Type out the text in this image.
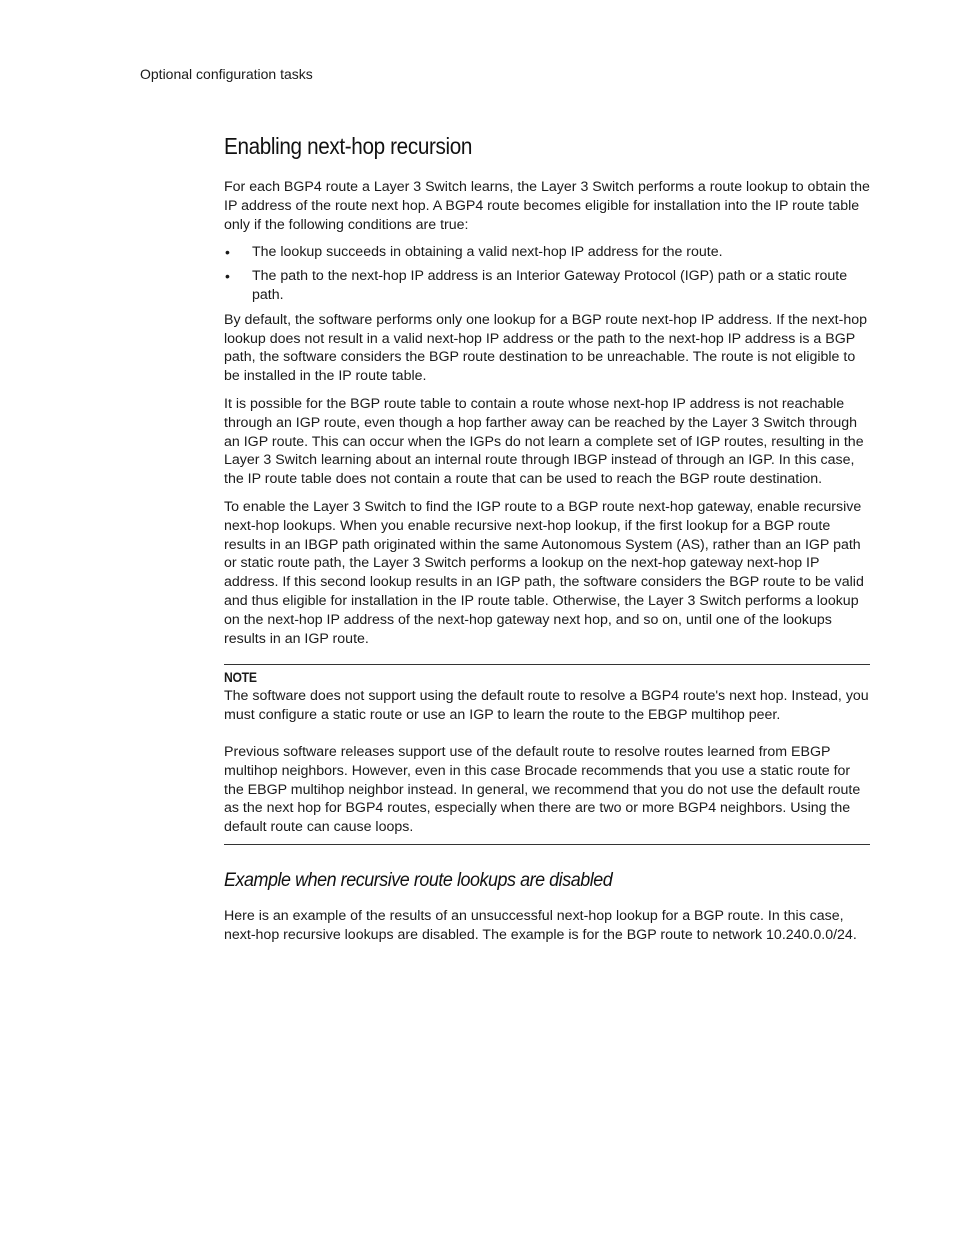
Optional configuration tasks
Enabling next-hop recursion

For each BGP4 route a Layer 3 Switch learns, the Layer 3 Switch performs a route lookup to obtain the IP address of the route next hop. A BGP4 route becomes eligible for installation into the IP route table only if the following conditions are true:

• The lookup succeeds in obtaining a valid next-hop IP address for the route.
• The path to the next-hop IP address is an Interior Gateway Protocol (IGP) path or a static route path.

By default, the software performs only one lookup for a BGP route next-hop IP address. If the next-hop lookup does not result in a valid next-hop IP address or the path to the next-hop IP address is a BGP path, the software considers the BGP route destination to be unreachable. The route is not eligible to be installed in the IP route table.

It is possible for the BGP route table to contain a route whose next-hop IP address is not reachable through an IGP route, even though a hop farther away can be reached by the Layer 3 Switch through an IGP route. This can occur when the IGPs do not learn a complete set of IGP routes, resulting in the Layer 3 Switch learning about an internal route through IBGP instead of through an IGP. In this case, the IP route table does not contain a route that can be used to reach the BGP route destination.

To enable the Layer 3 Switch to find the IGP route to a BGP route next-hop gateway, enable recursive next-hop lookups. When you enable recursive next-hop lookup, if the first lookup for a BGP route results in an IBGP path originated within the same Autonomous System (AS), rather than an IGP path or static route path, the Layer 3 Switch performs a lookup on the next-hop gateway next-hop IP address. If this second lookup results in an IGP path, the software considers the BGP route to be valid and thus eligible for installation in the IP route table. Otherwise, the Layer 3 Switch performs a lookup on the next-hop IP address of the next-hop gateway next hop, and so on, until one of the lookups results in an IGP route.

NOTE

The software does not support using the default route to resolve a BGP4 route's next hop. Instead, you must configure a static route or use an IGP to learn the route to the EBGP multihop peer.

Previous software releases support use of the default route to resolve routes learned from EBGP multihop neighbors. However, even in this case Brocade recommends that you use a static route for the EBGP multihop neighbor instead. In general, we recommend that you do not use the default route as the next hop for BGP4 routes, especially when there are two or more BGP4 neighbors. Using the default route can cause loops.

Example when recursive route lookups are disabled

Here is an example of the results of an unsuccessful next-hop lookup for a BGP route. In this case, next-hop recursive lookups are disabled. The example is for the BGP route to network 10.240.0.0/24.
